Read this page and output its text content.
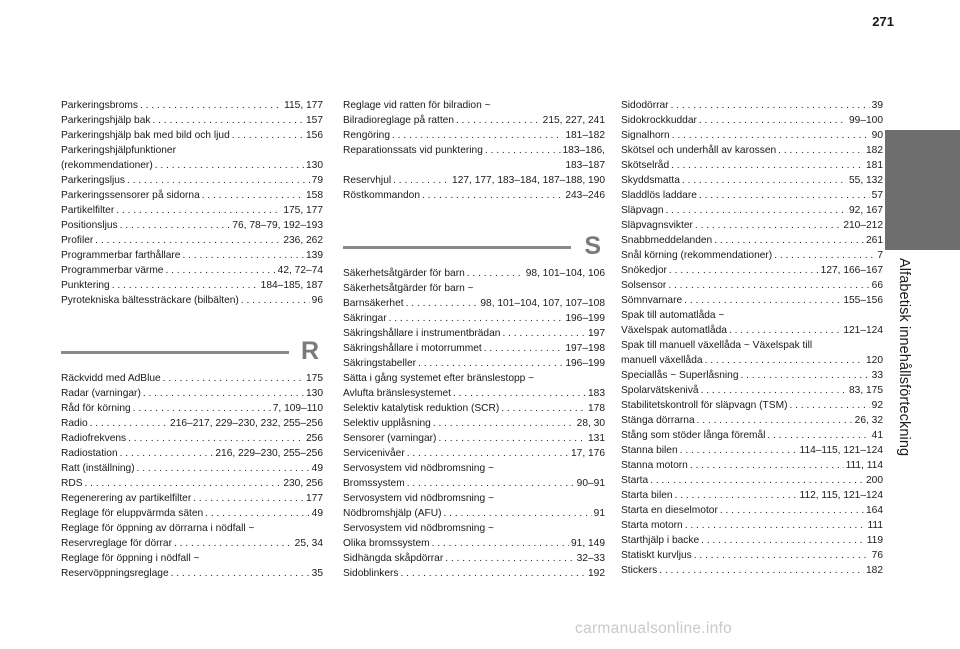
271
Alfabetisk innehållsförteckning
Parkeringsbroms . . .	115, 177
Parkeringshjälp bak . . .	157
Parkeringshjälp bak med bild och ljud . . .	156
Parkeringshjälpfunktioner
(rekommendationer) . . .	130
Parkeringsljus . . .	79
Parkeringssensorer på sidorna . . .	158
Partikelfilter . . .	175, 177
Positionsljus . . .	76, 78–79, 192–193
Profiler . . .	236, 262
Programmerbar farthållare . . .	139
Programmerbar värme . . .	42, 72–74
Punktering . . .	184–185, 187
Pyrotekniska bältessträckare (bilbälten) . . .	96
R
Räckvidd med AdBlue . . .	175
Radar (varningar) . . .	130
Råd för körning . . .	7, 109–110
Radio . . .	216–217, 229–230, 232, 255–256
Radiofrekvens . . .	256
Radiostation . . .	216, 229–230, 255–256
Ratt (inställning) . . .	49
RDS . . .	230, 256
Regenerering av partikelfilter . . .	177
Reglage för eluppvärmda säten . . .	49
Reglage för öppning av dörrarna i nödfall ~
Reservreglage för dörrar . . .	25, 34
Reglage för öppning i nödfall ~
Reservöppningsreglage . . .	35
Reglage vid ratten för bilradion ~
Bilradioreglage på ratten . . .	215, 227, 241
Rengöring . . .	181–182
Reparationssats vid punktering . . .	183–186,
183–187
Reservhjul . . .	127, 177, 183–184, 187–188, 190
Röstkommandon . . .	243–246
S
Säkerhetsåtgärder för barn . . .	98, 101–104, 106
Säkerhetsåtgärder för barn ~
Barnsäkerhet . . .	98, 101–104, 107, 107–108
Säkringar . . .	196–199
Säkringshållare i instrumentbrädan . . .	197
Säkringshållare i motorrummet . . .	197–198
Säkringstabeller . . .	196–199
Sätta i gång systemet efter bränslestopp ~
Avlufta bränslesystemet . . .	183
Selektiv katalytisk reduktion (SCR) . . .	178
Selektiv upplåsning . . .	28, 30
Sensorer (varningar) . . .	131
Servicenivåer . . .	17, 176
Servosystem vid nödbromsning ~
Bromssystem . . .	90–91
Servosystem vid nödbromsning ~
Nödbromshjälp (AFU) . . .	91
Servosystem vid nödbromsning ~
Olika bromssystem . . .	91, 149
Sidhängda skåpdörrar . . .	32–33
Sidoblinkers . . .	192
Sidodörrar . . .	39
Sidokrockkuddar . . .	99–100
Signalhorn . . .	90
Skötsel och underhåll av karossen . . .	182
Skötselråd . . .	181
Skyddsmatta . . .	55, 132
Sladdlös laddare . . .	57
Släpvagn . . .	92, 167
Släpvagnsvikter . . .	210–212
Snabbmeddelanden . . .	261
Snål körning (rekommendationer) . . .	7
Snökedjor . . .	127, 166–167
Solsensor . . .	66
Sömnvarnare . . .	155–156
Spak till automatlåda ~
Växelspak automatlåda . . .	121–124
Spak till manuell växellåda ~ Växelspak till
manuell växellåda . . .	120
Speciallås ~ Superlåsning . . .	33
Spolarvätskenivå . . .	83, 175
Stabilitetskontroll för släpvagn (TSM) . . .	92
Stänga dörrarna . . .	26, 32
Stång som stöder långa föremål . . .	41
Stanna bilen . . .	114–115, 121–124
Stanna motorn . . .	111, 114
Starta . . .	200
Starta bilen . . .	112, 115, 121–124
Starta en dieselmotor . . .	164
Starta motorn . . .	111
Starthjälp i backe . . .	119
Statiskt kurvljus . . .	76
Stickers . . .	182
carmanualsonline.info
